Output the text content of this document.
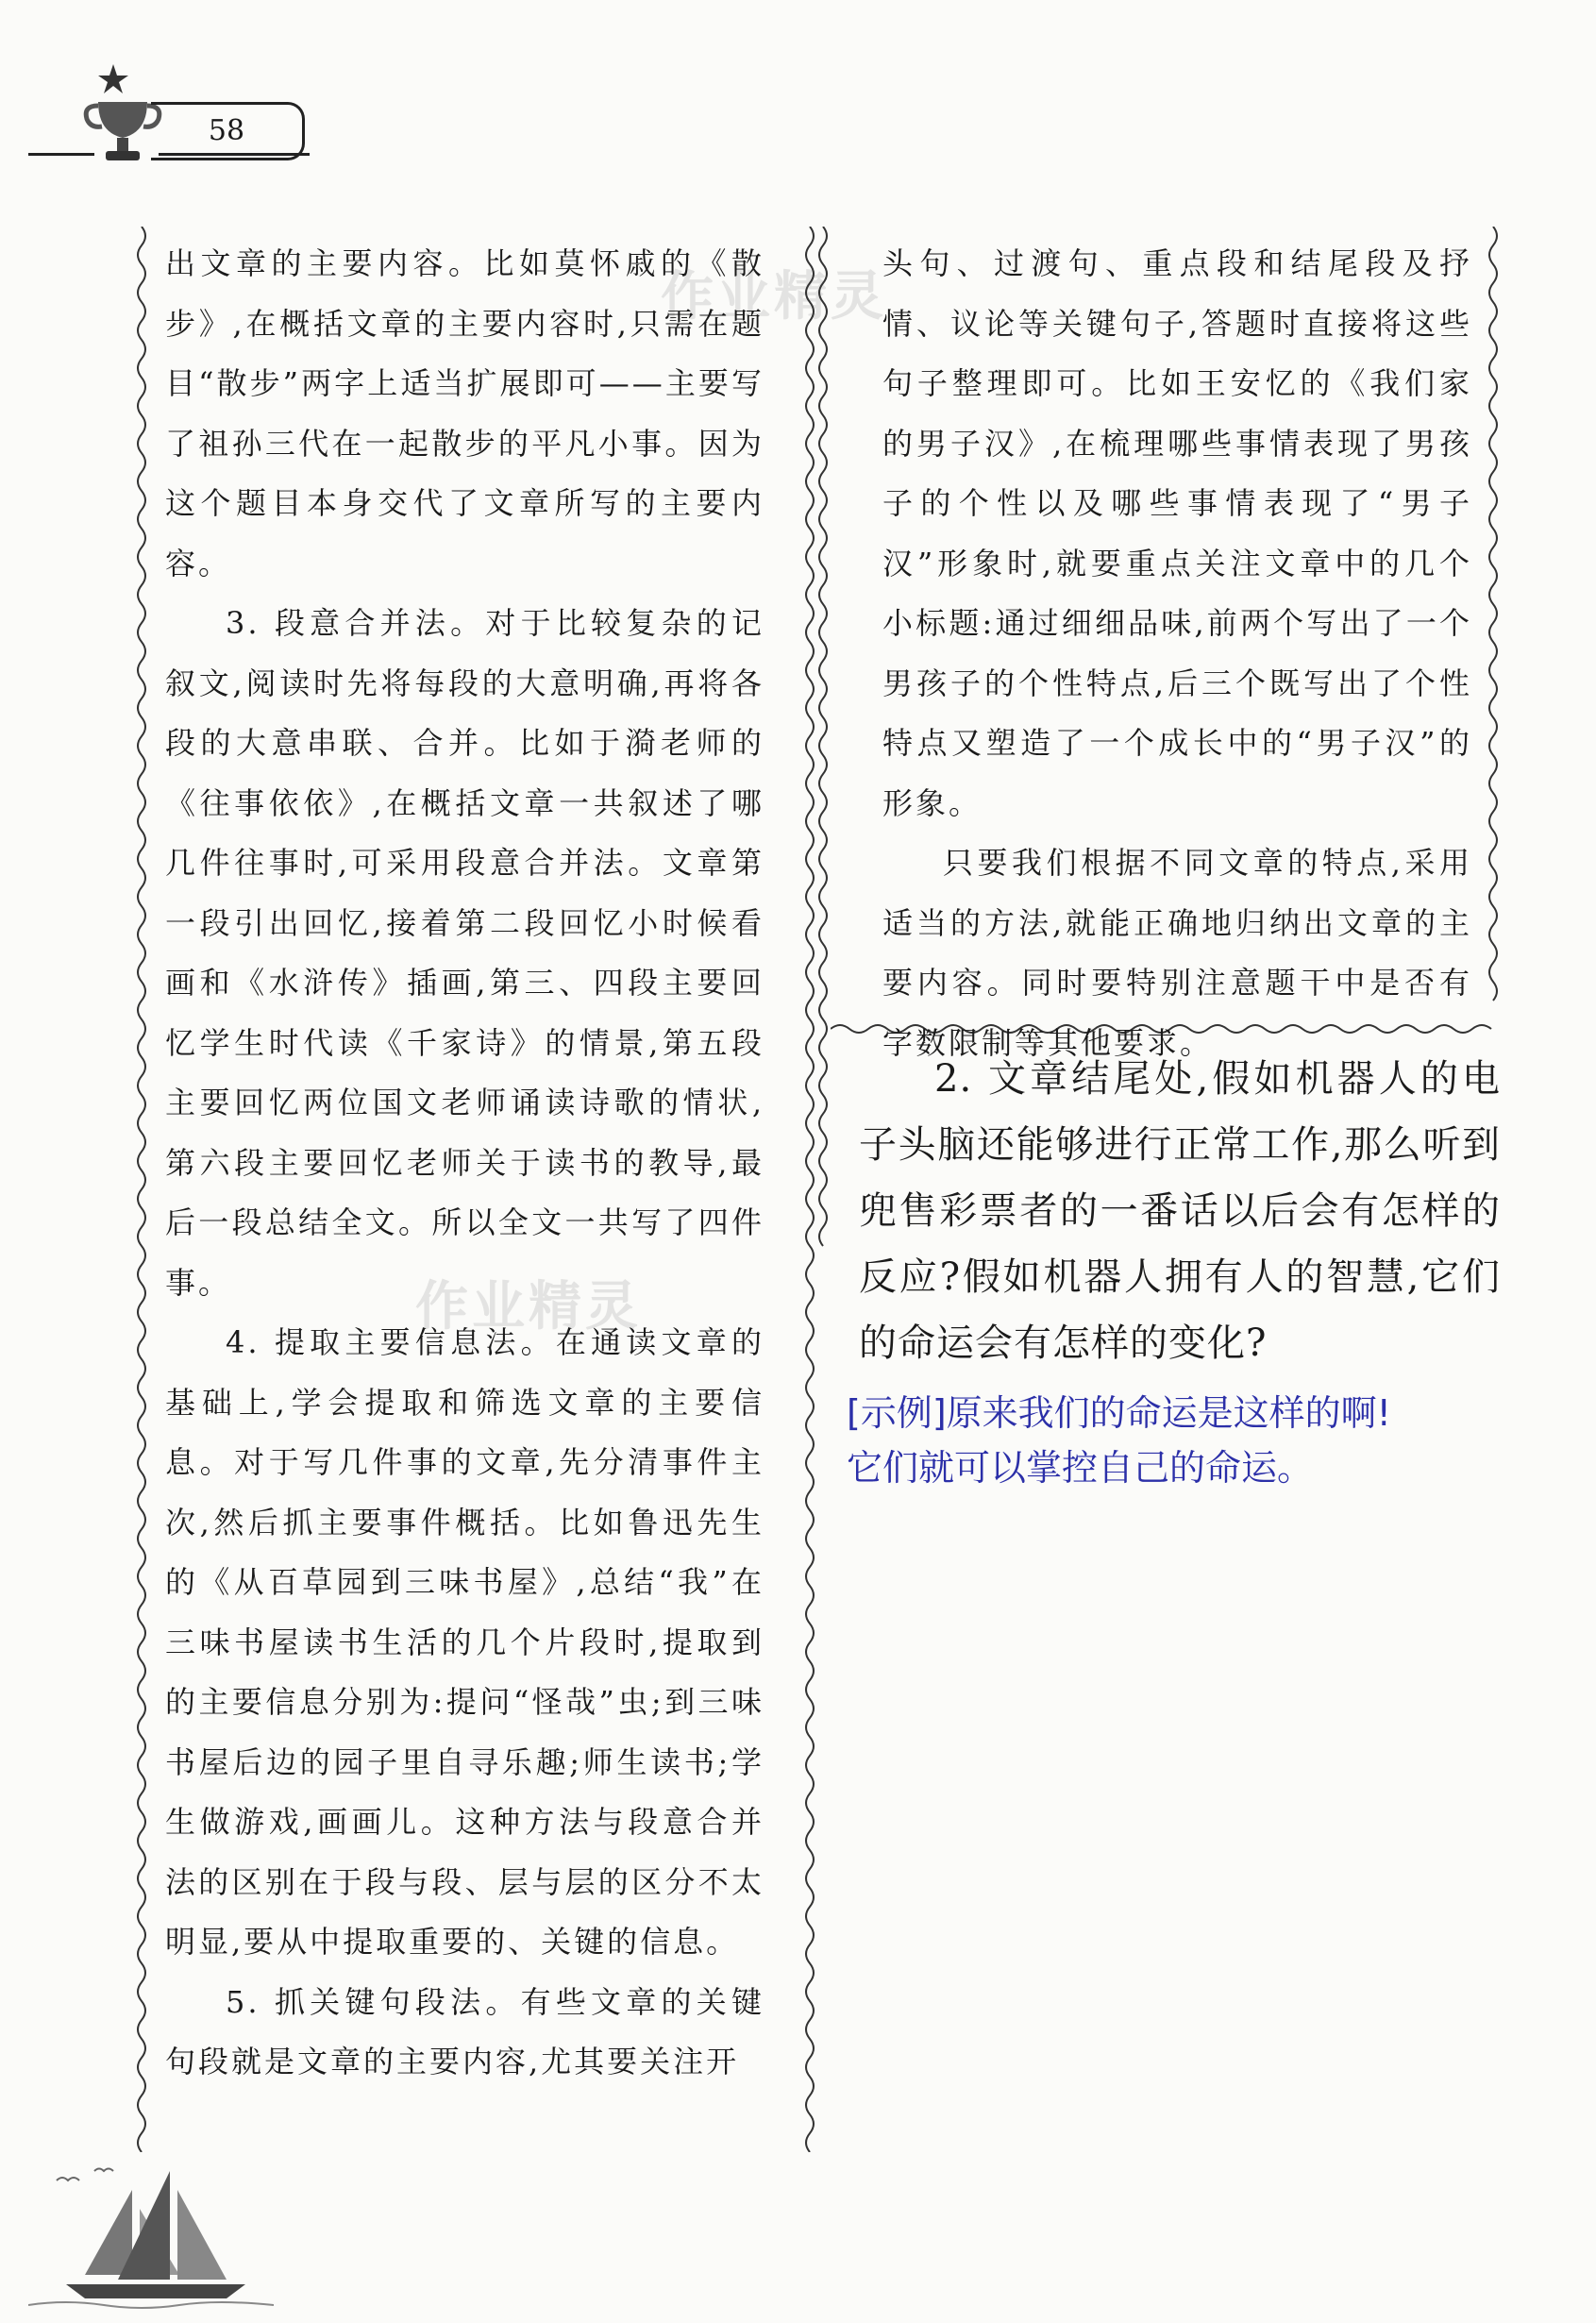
58
作业精灵
作业精灵

出文章的主要内容。比如莫怀戚的《散步》,在概括文章的主要内容时,只需在题目“散步”两字上适当扩展即可——主要写了祖孙三代在一起散步的平凡小事。因为这个题目本身交代了文章所写的主要内容。

3. 段意合并法。对于比较复杂的记叙文,阅读时先将每段的大意明确,再将各段的大意串联、合并。比如于漪老师的《往事依依》,在概括文章一共叙述了哪几件往事时,可采用段意合并法。文章第一段引出回忆,接着第二段回忆小时候看画和《水浒传》插画,第三、四段主要回忆学生时代读《千家诗》的情景,第五段主要回忆两位国文老师诵读诗歌的情状,第六段主要回忆老师关于读书的教导,最后一段总结全文。所以全文一共写了四件事。

4. 提取主要信息法。在通读文章的基础上,学会提取和筛选文章的主要信息。对于写几件事的文章,先分清事件主次,然后抓主要事件概括。比如鲁迅先生的《从百草园到三味书屋》,总结“我”在三味书屋读书生活的几个片段时,提取到的主要信息分别为:提问“怪哉”虫;到三味书屋后边的园子里自寻乐趣;师生读书;学生做游戏,画画儿。这种方法与段意合并法的区别在于段与段、层与层的区分不太明显,要从中提取重要的、关键的信息。

5. 抓关键句段法。有些文章的关键句段就是文章的主要内容,尤其要关注开

头句、过渡句、重点段和结尾段及抒情、议论等关键句子,答题时直接将这些句子整理即可。比如王安忆的《我们家的男子汉》,在梳理哪些事情表现了男孩子的个性以及哪些事情表现了“男子汉”形象时,就要重点关注文章中的几个小标题:通过细细品味,前两个写出了一个男孩子的个性特点,后三个既写出了个性特点又塑造了一个成长中的“男子汉”的形象。

只要我们根据不同文章的特点,采用适当的方法,就能正确地归纳出文章的主要内容。同时要特别注意题干中是否有字数限制等其他要求。

2. 文章结尾处,假如机器人的电子头脑还能够进行正常工作,那么听到兜售彩票者的一番话以后会有怎样的反应?假如机器人拥有人的智慧,它们的命运会有怎样的变化?

[示例]原来我们的命运是这样的啊!

它们就可以掌控自己的命运。
